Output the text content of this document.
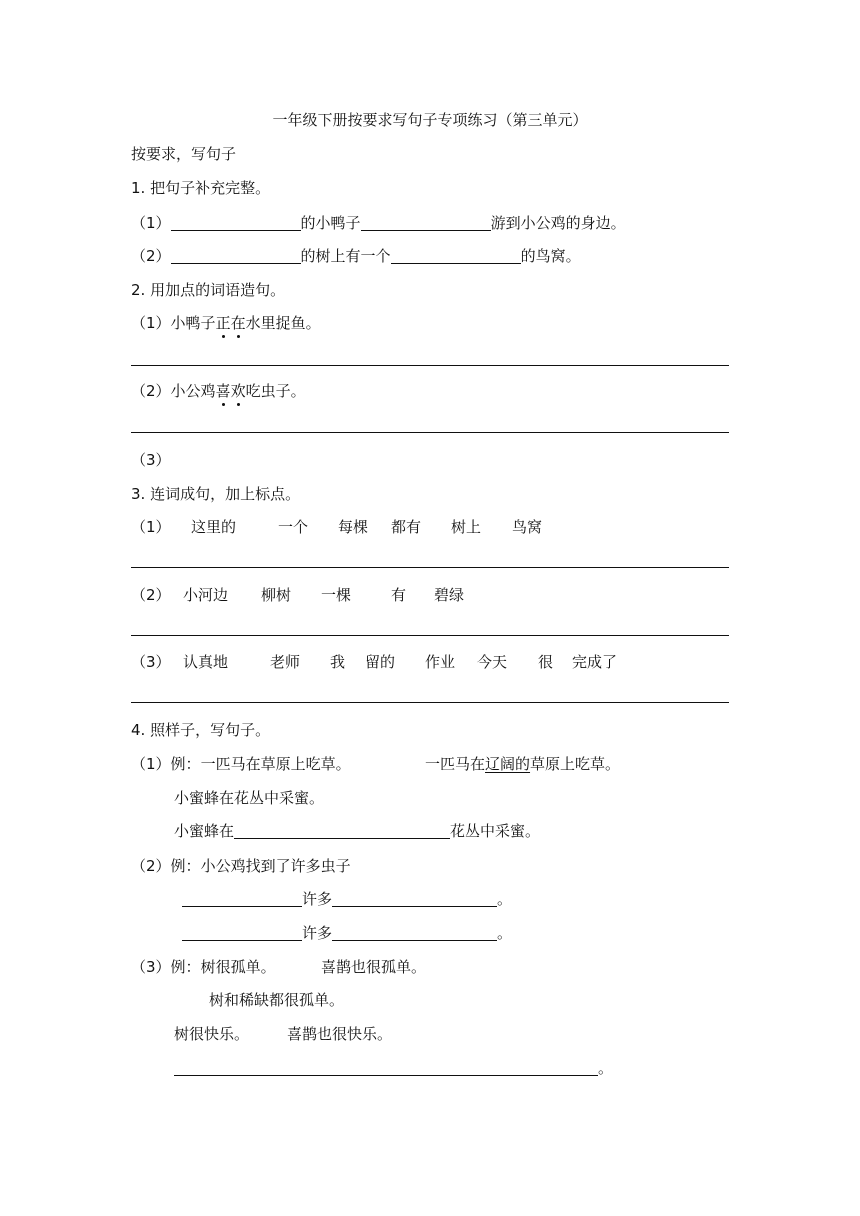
一年级下册按要求写句子专项练习（第三单元）
按要求，写句子
1. 把句子补充完整。
（1）	的小鸭子	游到小公鸡的身边。
（2）	的树上有一个	的鸟窝。
2. 用加点的词语造句。
（1）小鸭子正在水里捉鱼。
（2）小公鸡喜欢吃虫子。
（3）
3. 连词成句，加上标点。
（1） 这里的	一个 每棵 都有 树上 鸟窝
（2） 小河边 柳树 一棵	有 碧绿
（3） 认真地	老师 我 留的 作业 今天 很 完成了
4. 照样子，写句子。
（1）例：一匹马在草原上吃草。	一匹马在辽阔的草原上吃草。
小蜜蜂在花丛中采蜜。
小蜜蜂在	花丛中采蜜。
（2）例：小公鸡找到了许多虫子
许多	。
许多	。
（3）例：树很孤单。	喜鹊也很孤单。
树和稀缺都很孤单。
树很快乐。	喜鹊也很快乐。
。
